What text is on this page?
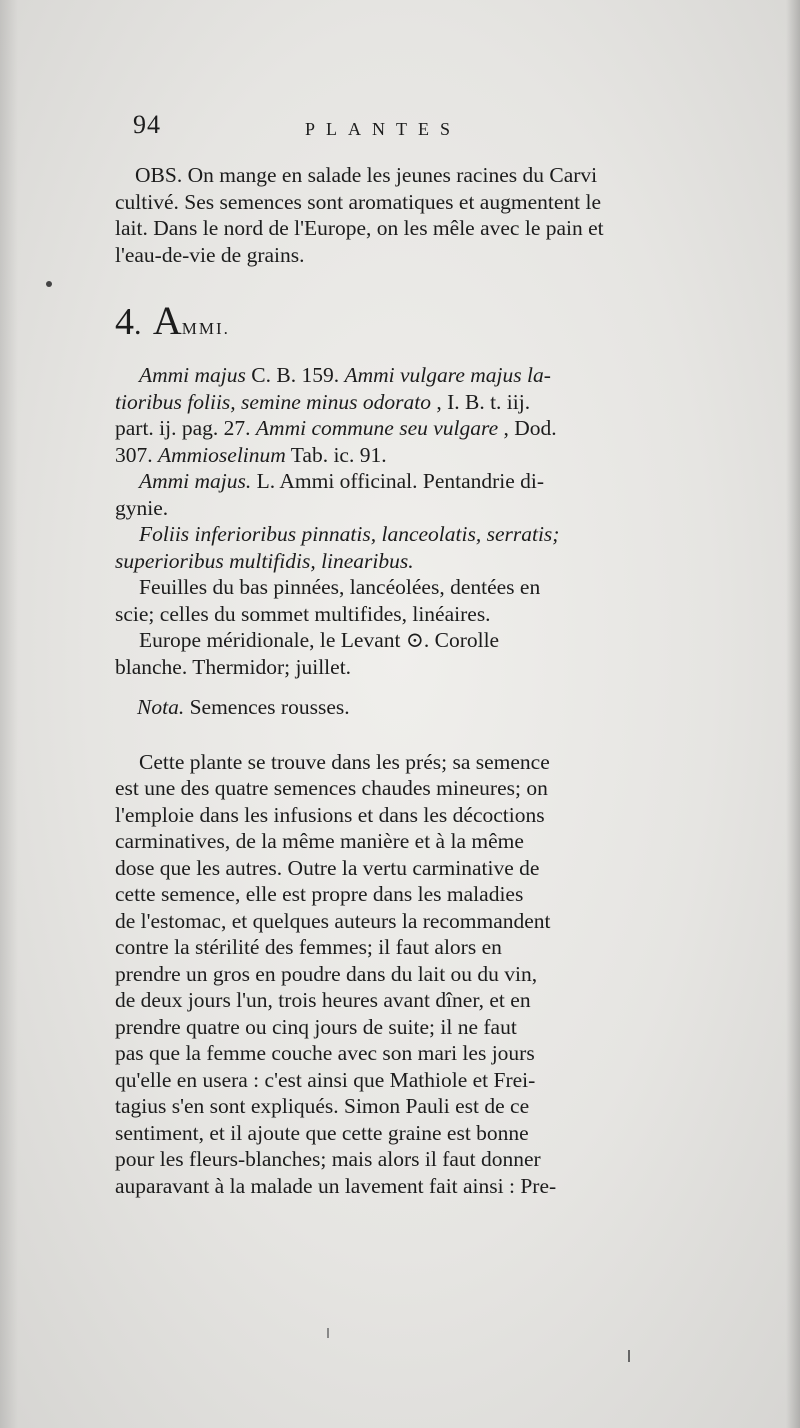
94	PLANTES

OBS. On mange en salade les jeunes racines du Carvi

cultivé. Ses semences sont aromatiques et augmentent le

lait. Dans le nord de l'Europe, on les mêle avec le pain et

l'eau-de-vie de grains.

4. AMMI.

Ammi majus C. B. 159. Ammi vulgare majus la-

tioribus foliis, semine minus odorato , I. B. t. iij.

part. ij. pag. 27. Ammi commune seu vulgare , Dod.

307. Ammioselinum Tab. ic. 91.

Ammi majus. L. Ammi officinal. Pentandrie di-

gynie.

Foliis inferioribus pinnatis, lanceolatis, serratis;

superioribus multifidis, linearibus.

Feuilles du bas pinnées, lancéolées, dentées en

scie; celles du sommet multifides, linéaires.

Europe méridionale, le Levant ⊙. Corolle

blanche. Thermidor; juillet.

Nota. Semences rousses.

Cette plante se trouve dans les prés; sa semence

est une des quatre semences chaudes mineures; on

l'emploie dans les infusions et dans les décoctions

carminatives, de la même manière et à la même

dose que les autres. Outre la vertu carminative de

cette semence, elle est propre dans les maladies

de l'estomac, et quelques auteurs la recommandent

contre la stérilité des femmes; il faut alors en

prendre un gros en poudre dans du lait ou du vin,

de deux jours l'un, trois heures avant dîner, et en

prendre quatre ou cinq jours de suite; il ne faut

pas que la femme couche avec son mari les jours

qu'elle en usera : c'est ainsi que Mathiole et Frei-

tagius s'en sont expliqués. Simon Pauli est de ce

sentiment, et il ajoute que cette graine est bonne

pour les fleurs-blanches; mais alors il faut donner

auparavant à la malade un lavement fait ainsi : Pre-
